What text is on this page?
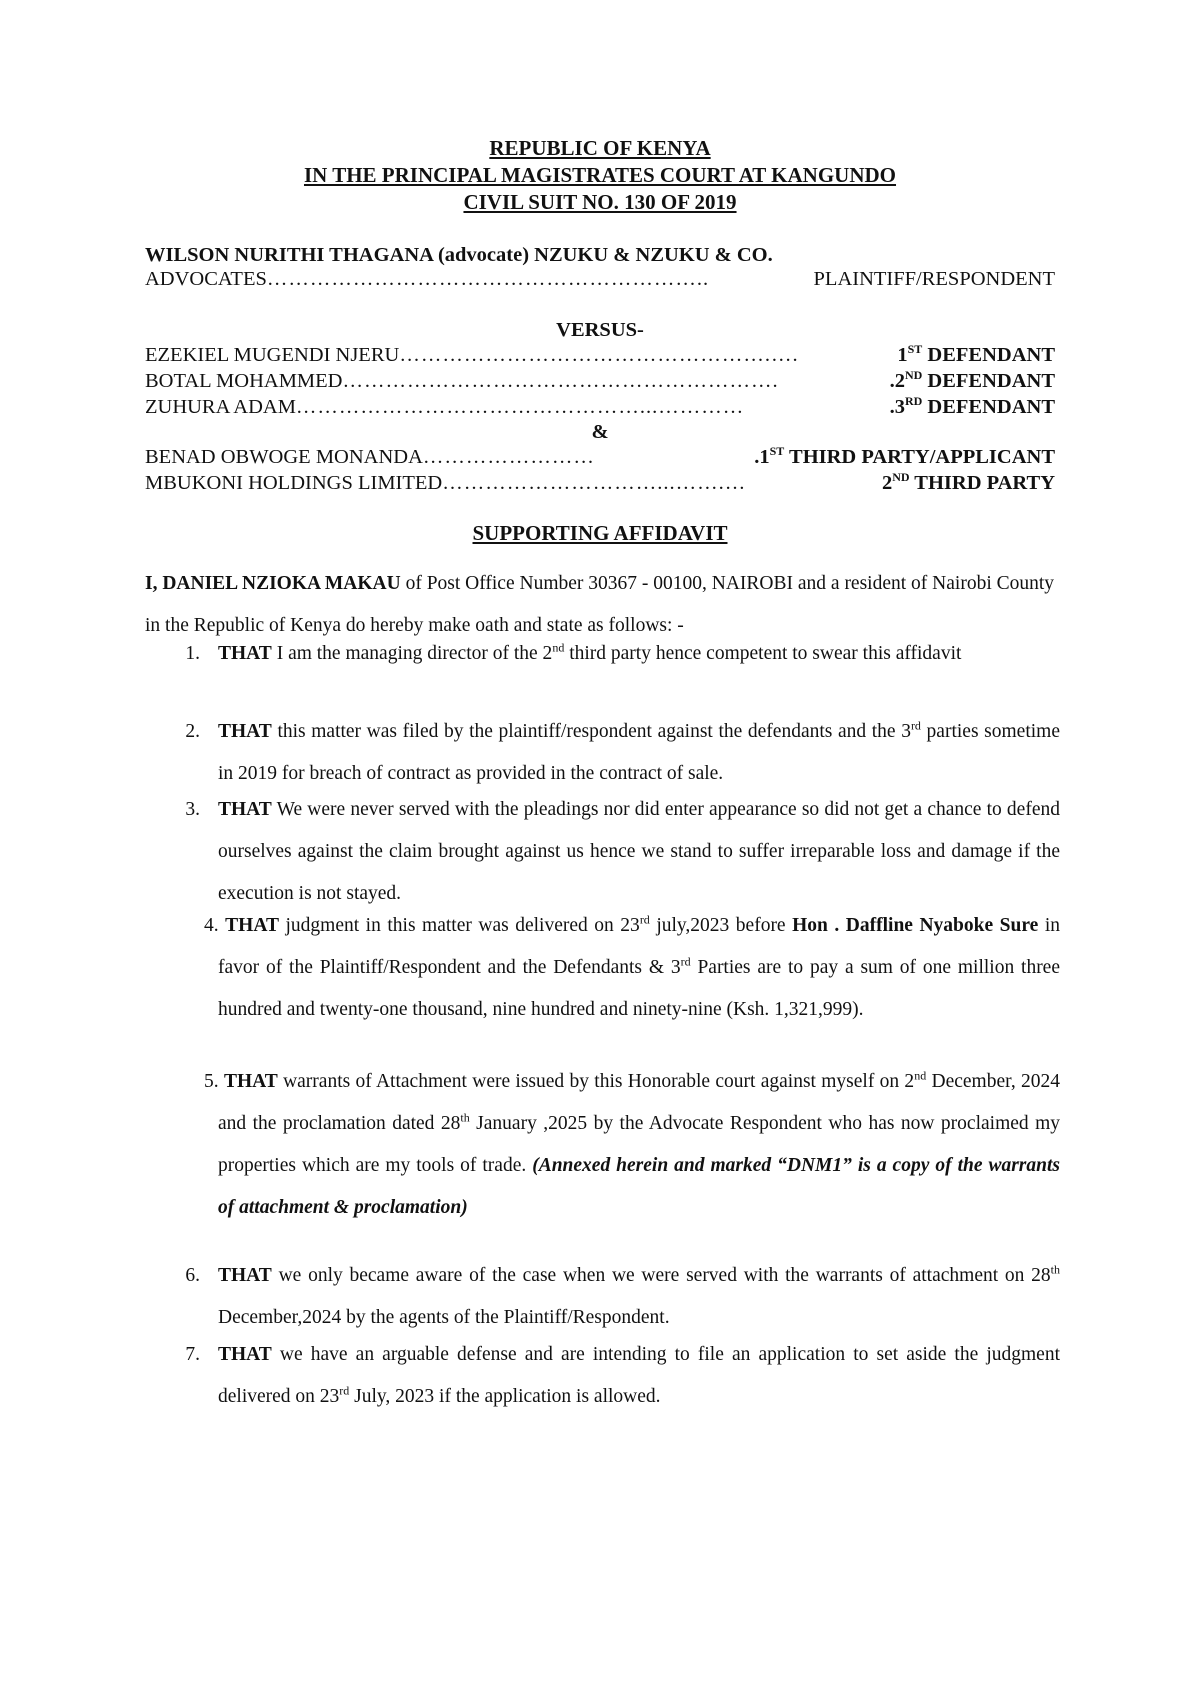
REPUBLIC OF KENYA
IN THE PRINCIPAL MAGISTRATES COURT AT KANGUNDO
CIVIL SUIT NO. 130 OF 2019
WILSON NURITHI THAGANA (advocate) NZUKU & NZUKU & CO.
ADVOCATES ……………………………………………………..	PLAINTIFF/RESPONDENT
VERSUS-
EZEKIEL MUGENDI NJERU …………………………………………….….	1ST DEFENDANT
BOTAL MOHAMMED …………………………………………………….	.2ND DEFENDANT
ZUHURA ADAM …………………………………………...…………	.3RD DEFENDANT
&
BENAD OBWOGE MONANDA ……………………	.1ST THIRD PARTY/APPLICANT
MBUKONI HOLDINGS LIMITED …………………………...…….…	2ND THIRD PARTY
SUPPORTING AFFIDAVIT
I, DANIEL NZIOKA MAKAU of Post Office Number 30367 - 00100, NAIROBI and a resident of Nairobi County in the Republic of Kenya do hereby make oath and state as follows: -
1. THAT I am the managing director of the 2nd third party hence competent to swear this affidavit
2. THAT this matter was filed by the plaintiff/respondent against the defendants and the 3rd parties sometime in 2019 for breach of contract as provided in the contract of sale.
3. THAT We were never served with the pleadings nor did enter appearance so did not get a chance to defend ourselves against the claim brought against us hence we stand to suffer irreparable loss and damage if the execution is not stayed.
4. THAT judgment in this matter was delivered on 23rd july,2023 before Hon . Daffline Nyaboke Sure in favor of the Plaintiff/Respondent and the Defendants & 3rd Parties are to pay a sum of one million three hundred and twenty-one thousand, nine hundred and ninety-nine (Ksh. 1,321,999).
5. THAT warrants of Attachment were issued by this Honorable court against myself on 2nd December, 2024 and the proclamation dated 28th January ,2025 by the Advocate Respondent who has now proclaimed my properties which are my tools of trade. (Annexed herein and marked “DNM1” is a copy of the warrants of attachment & proclamation)
6. THAT we only became aware of the case when we were served with the warrants of attachment on 28th December,2024 by the agents of the Plaintiff/Respondent.
7. THAT we have an arguable defense and are intending to file an application to set aside the judgment delivered on 23rd July, 2023 if the application is allowed.
